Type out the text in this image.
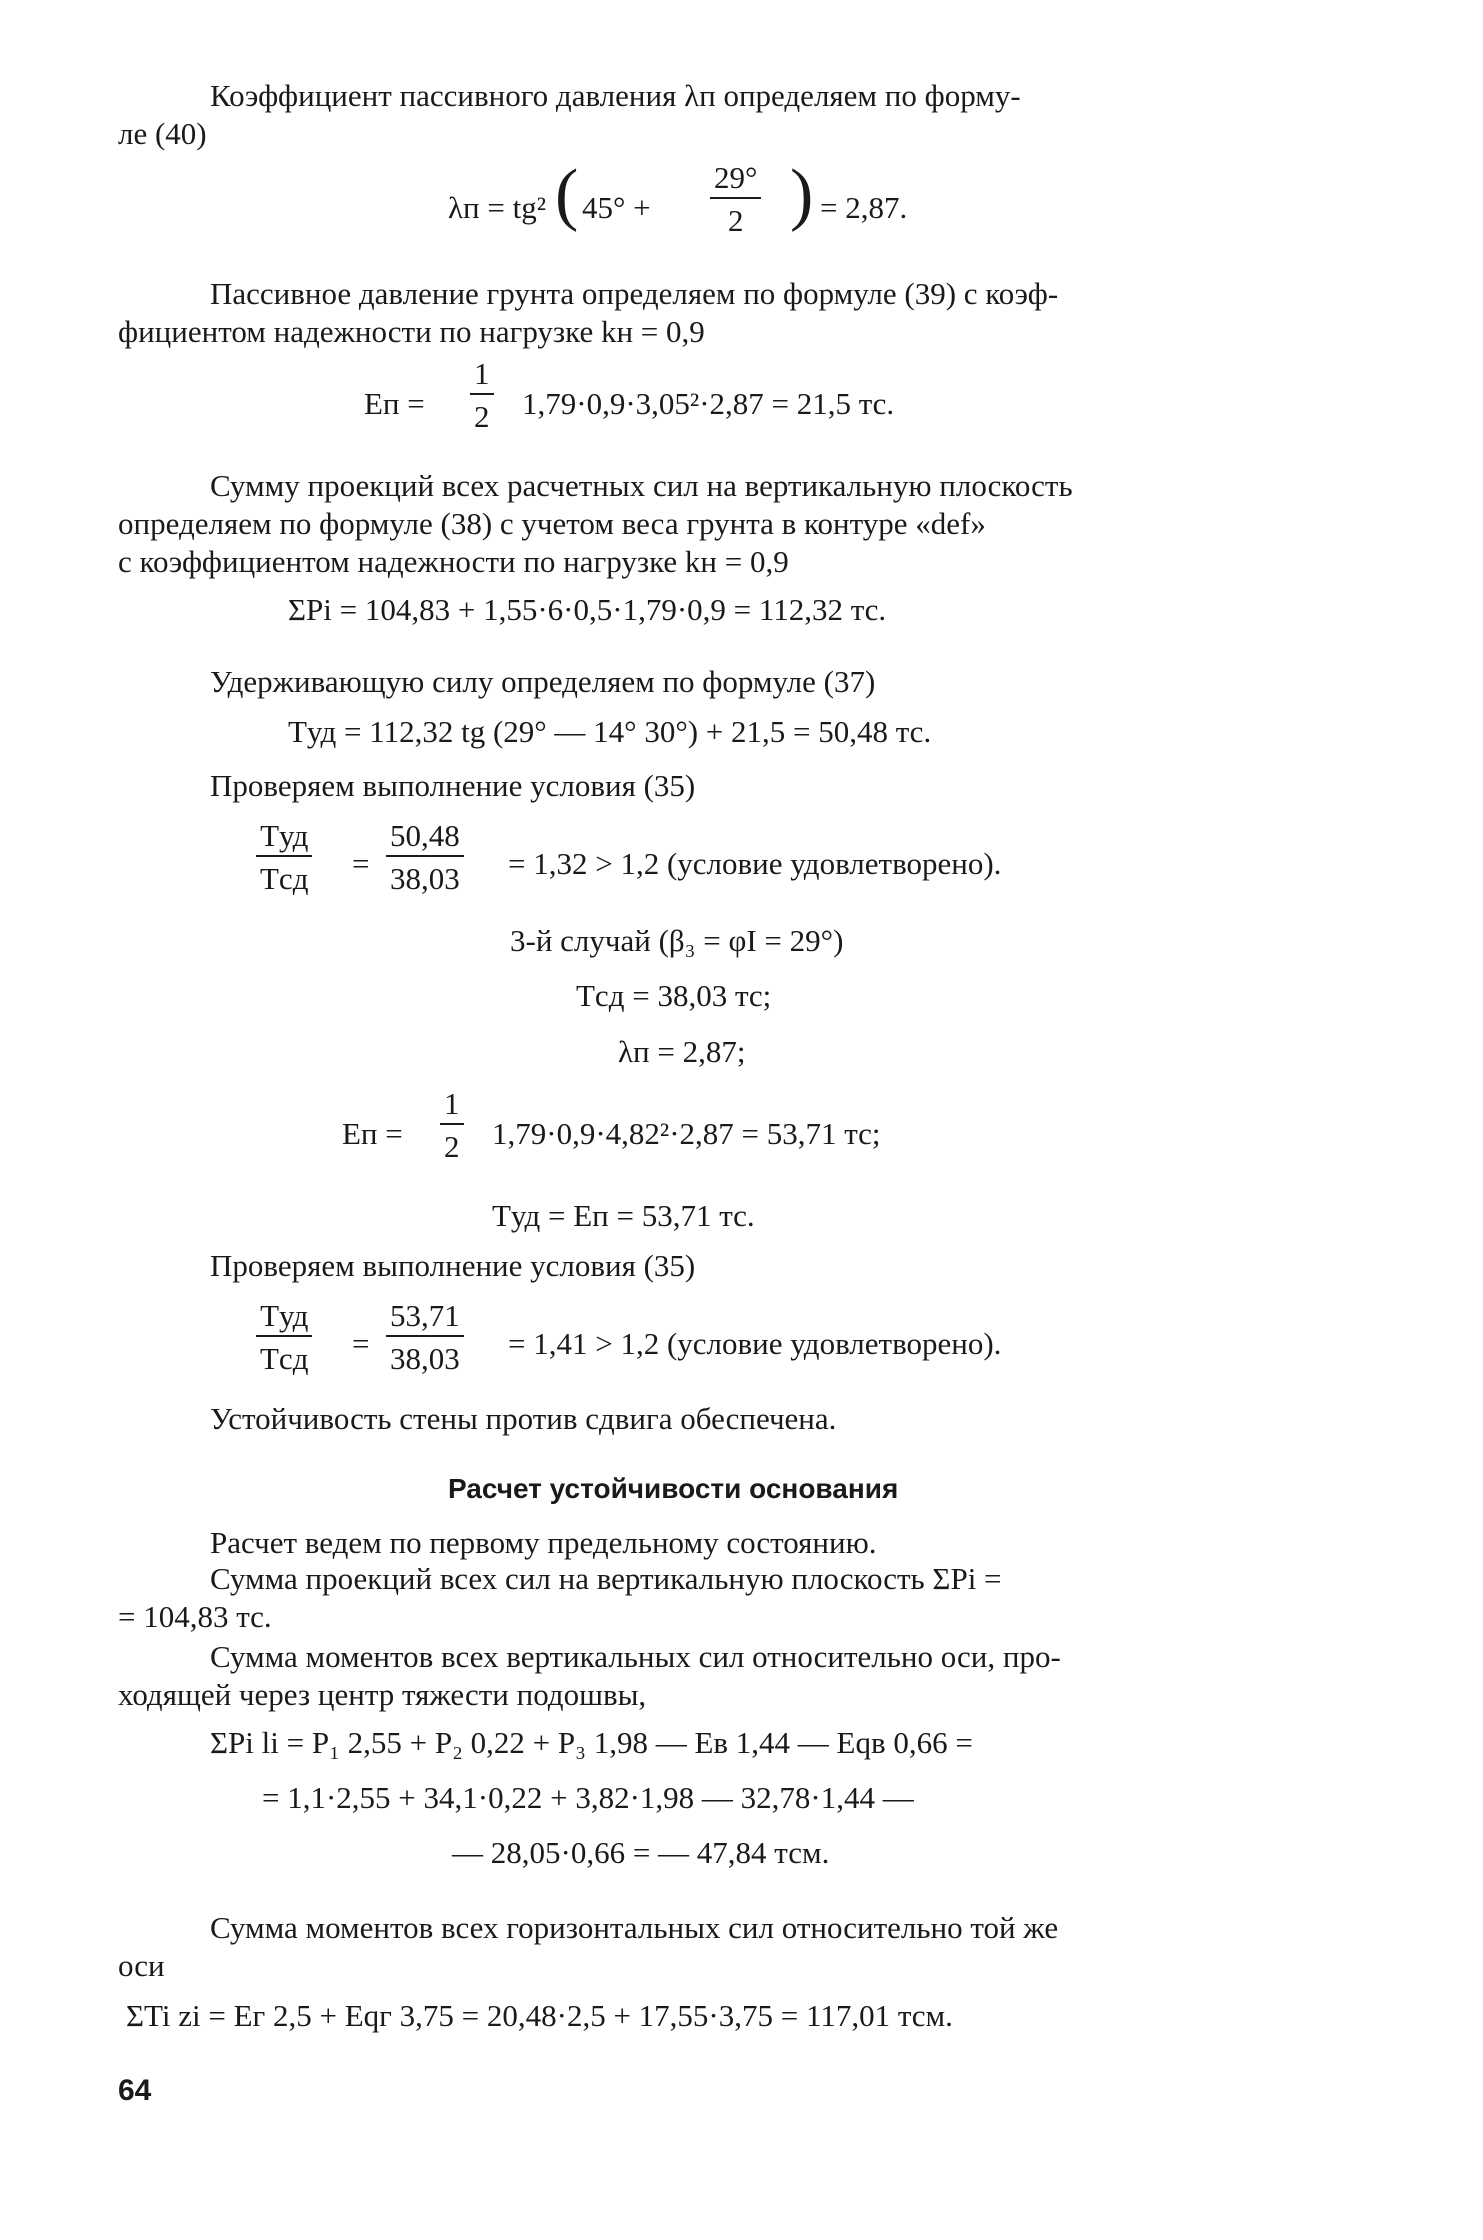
Коэффициент пассивного давления λп определяем по форму-
ле (40)
λп = tg² ( 45° +
29°
2 ) = 2,87.
Пассивное давление грунта определяем по формуле (39) с коэф-
фициентом надежности по нагрузке kн = 0,9
Eп =
1
2 1,79·0,9·3,05²·2,87 = 21,5 тс.
Сумму проекций всех расчетных сил на вертикальную плоскость
определяем по формуле (38) с учетом веса грунта в контуре «def»
с коэффициентом надежности по нагрузке kн = 0,9
ΣPi = 104,83 + 1,55·6·0,5·1,79·0,9 = 112,32 тс.
Удерживающую силу определяем по формуле (37)
Tуд = 112,32 tg (29° — 14° 30°) + 21,5 = 50,48 тс.
Проверяем выполнение условия (35)
Tуд
Tсд =
50,48
38,03 = 1,32 > 1,2 (условие удовлетворено).
3-й случай (β₃ = φI = 29°)
Tсд = 38,03 тс;
λп = 2,87;
Eп =
1
2 1,79·0,9·4,82²·2,87 = 53,71 тс;
Tуд = Eп = 53,71 тс.
Проверяем выполнение условия (35)
Tуд
Tсд =
53,71
38,03 = 1,41 > 1,2 (условие удовлетворено).
Устойчивость стены против сдвига обеспечена.
Расчет устойчивости основания
Расчет ведем по первому предельному состоянию.
Сумма проекций всех сил на вертикальную плоскость ΣPi =
= 104,83 тс.
Сумма моментов всех вертикальных сил относительно оси, про-
ходящей через центр тяжести подошвы,
ΣPi li = P₁ 2,55 + P₂ 0,22 + P₃ 1,98 — Eв 1,44 — Eqв 0,66 =
= 1,1·2,55 + 34,1·0,22 + 3,82·1,98 — 32,78·1,44 —
— 28,05·0,66 = — 47,84 тсм.
Сумма моментов всех горизонтальных сил относительно той же
оси
ΣTi zi = Eг 2,5 + Eqг 3,75 = 20,48·2,5 + 17,55·3,75 = 117,01 тсм.
64
